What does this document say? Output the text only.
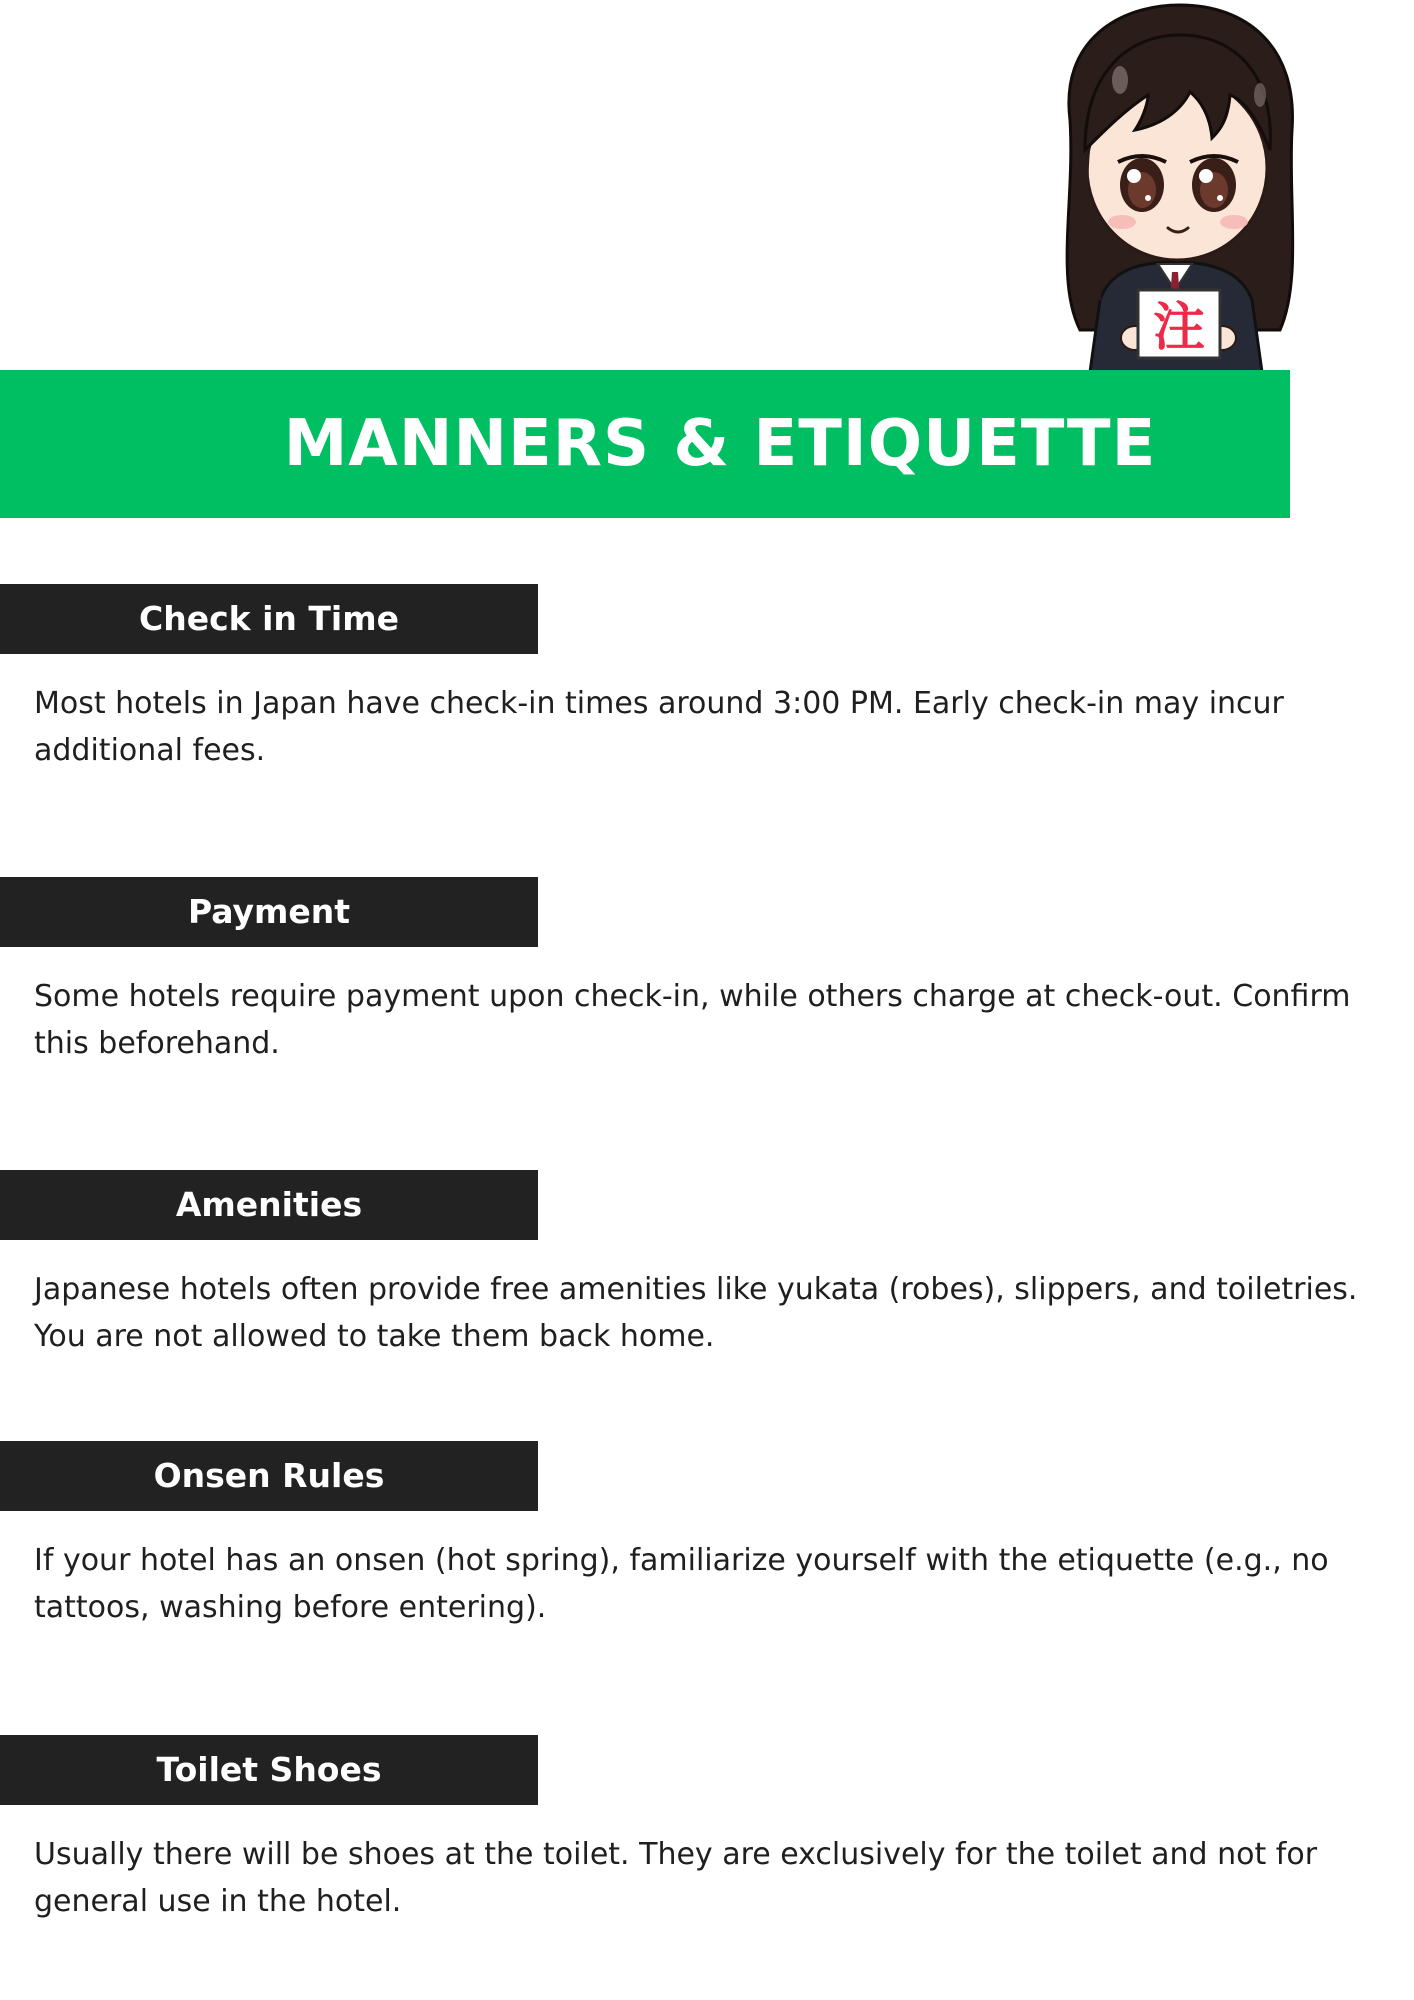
注
MANNERS & ETIQUETTE
Check in Time

Most hotels in Japan have check-in times around 3:00 PM. Early check-in may incur additional fees.

Payment

Some hotels require payment upon check-in, while others charge at check-out. Confirm this beforehand.

Amenities

Japanese hotels often provide free amenities like yukata (robes), slippers, and toiletries. You are not allowed to take them back home.

Onsen Rules

If your hotel has an onsen (hot spring), familiarize yourself with the etiquette (e.g., no tattoos, washing before entering).

Toilet Shoes

Usually there will be shoes at the toilet. They are exclusively for the toilet and not for general use in the hotel.
